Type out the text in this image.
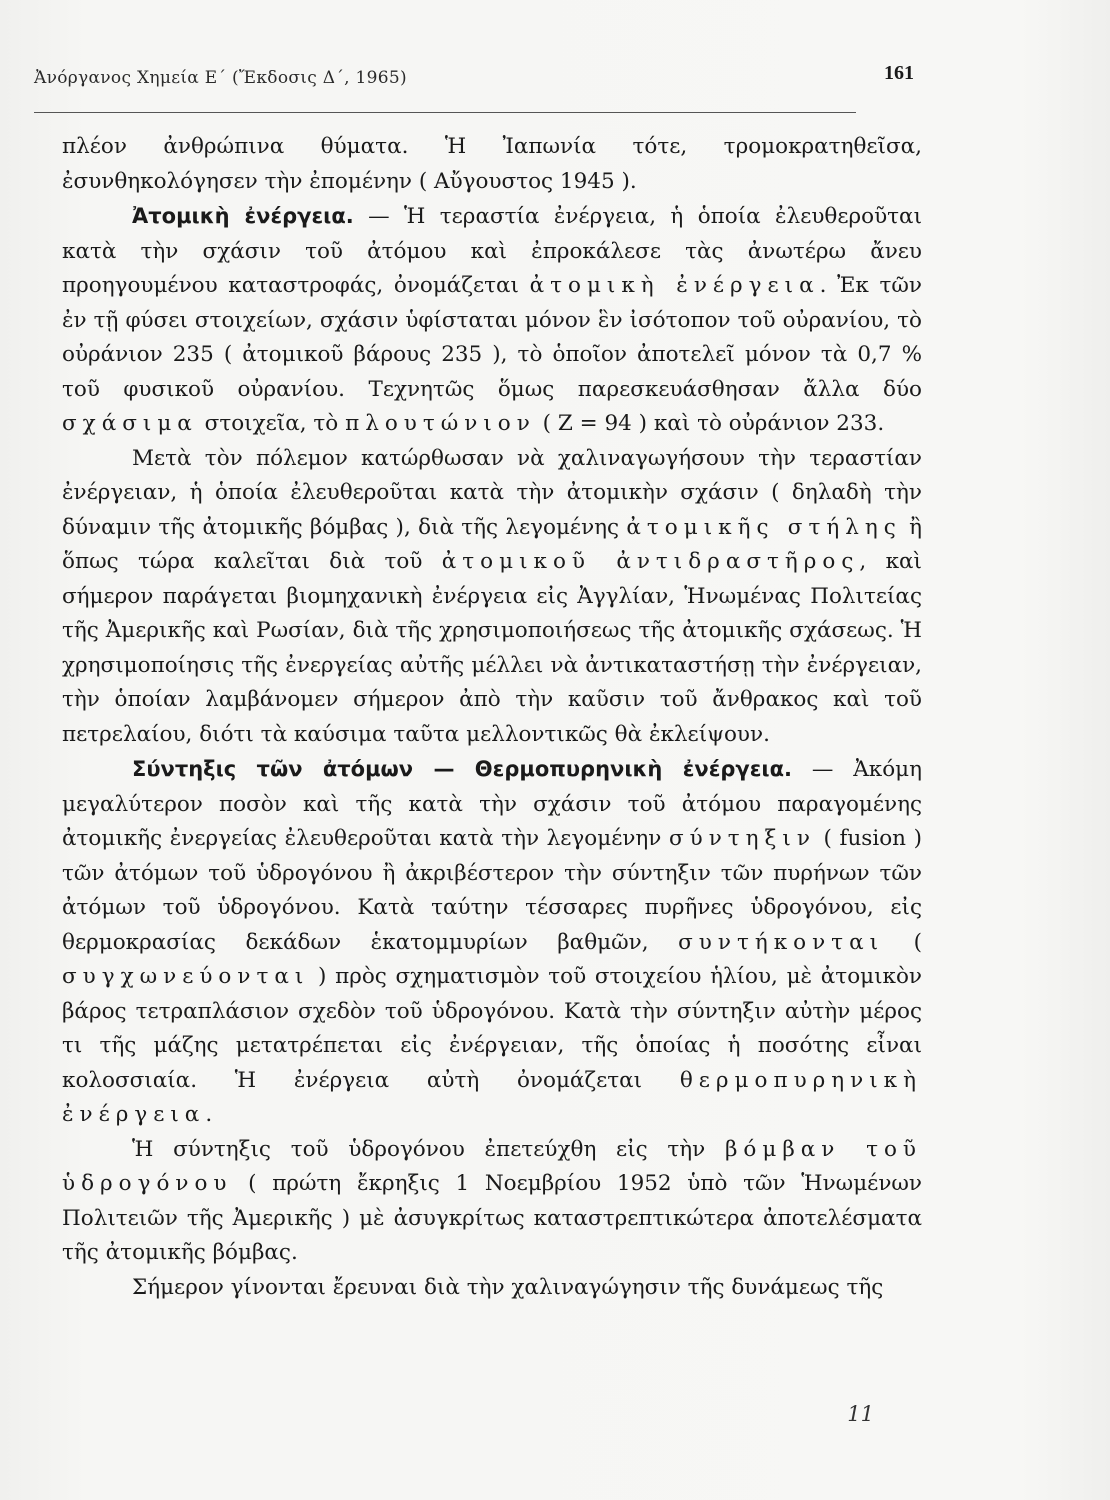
Ἀνόργανος Χημεία Ε΄ (Ἔκδοσις Δ΄, 1965)	161

πλέον ἀνθρώπινα θύματα. Ἡ Ἰαπωνία τότε, τρομοκρατηθεῖσα, ἐσυνθηκολόγησεν τὴν ἐπομένην ( Αὔγουστος 1945 ).

Ἀτομικὴ ἐνέργεια. — Ἡ τεραστία ἐνέργεια, ἡ ὁποία ἐλευθεροῦται κατὰ τὴν σχάσιν τοῦ ἀτόμου καὶ ἐπροκάλεσε τὰς ἀνωτέρω ἄνευ προηγουμένου καταστροφάς, ὀνομάζεται ἀτομικὴ ἐνέργεια. Ἐκ τῶν ἐν τῇ φύσει στοιχείων, σχάσιν ὑφίσταται μόνον ἓν ἰσότοπον τοῦ οὐρανίου, τὸ οὐράνιον 235 ( ἀτομικοῦ βάρους 235 ), τὸ ὁποῖον ἀποτελεῖ μόνον τὰ 0,7 % τοῦ φυσικοῦ οὐρανίου. Τεχνητῶς ὅμως παρεσκευάσθησαν ἄλλα δύο σχάσιμα στοιχεῖα, τὸ πλουτώνιον ( Ζ = 94 ) καὶ τὸ οὐράνιον 233.

Μετὰ τὸν πόλεμον κατώρθωσαν νὰ χαλιναγωγήσουν τὴν τεραστίαν ἐνέργειαν, ἡ ὁποία ἐλευθεροῦται κατὰ τὴν ἀτομικὴν σχάσιν ( δηλαδὴ τὴν δύναμιν τῆς ἀτομικῆς βόμβας ), διὰ τῆς λεγομένης ἀτομικῆς στήλης ἢ ὅπως τώρα καλεῖται διὰ τοῦ ἀτομικοῦ ἀντιδραστῆρος, καὶ σήμερον παράγεται βιομηχανικὴ ἐνέργεια εἰς Ἀγγλίαν, Ἡνωμένας Πολιτείας τῆς Ἀμερικῆς καὶ Ρωσίαν, διὰ τῆς χρησιμοποιήσεως τῆς ἀτομικῆς σχάσεως. Ἡ χρησιμοποίησις τῆς ἐνεργείας αὐτῆς μέλλει νὰ ἀντικαταστήσῃ τὴν ἐνέργειαν, τὴν ὁποίαν λαμβάνομεν σήμερον ἀπὸ τὴν καῦσιν τοῦ ἄνθρακος καὶ τοῦ πετρελαίου, διότι τὰ καύσιμα ταῦτα μελλοντικῶς θὰ ἐκλείψουν.

Σύντηξις τῶν ἀτόμων — Θερμοπυρηνικὴ ἐνέργεια. — Ἀκόμη μεγαλύτερον ποσὸν καὶ τῆς κατὰ τὴν σχάσιν τοῦ ἀτόμου παραγομένης ἀτομικῆς ἐνεργείας ἐλευθεροῦται κατὰ τὴν λεγομένην σύντηξιν ( fusion ) τῶν ἀτόμων τοῦ ὑδρογόνου ἢ ἀκριβέστερον τὴν σύντηξιν τῶν πυρήνων τῶν ἀτόμων τοῦ ὑδρογόνου. Κατὰ ταύτην τέσσαρες πυρῆνες ὑδρογόνου, εἰς θερμοκρασίας δεκάδων ἑκατομμυρίων βαθμῶν, συντήκονται ( συγχωνεύονται ) πρὸς σχηματισμὸν τοῦ στοιχείου ἡλίου, μὲ ἀτομικὸν βάρος τετραπλάσιον σχεδὸν τοῦ ὑδρογόνου. Κατὰ τὴν σύντηξιν αὐτὴν μέρος τι τῆς μάζης μετατρέπεται εἰς ἐνέργειαν, τῆς ὁποίας ἡ ποσότης εἶναι κολοσσιαία. Ἡ ἐνέργεια αὐτὴ ὀνομάζεται θερμοπυρηνικὴ ἐνέργεια.

Ἡ σύντηξις τοῦ ὑδρογόνου ἐπετεύχθη εἰς τὴν βόμβαν τοῦ ὑδρογόνου ( πρώτη ἔκρηξις 1 Νοεμβρίου 1952 ὑπὸ τῶν Ἡνωμένων Πολιτειῶν τῆς Ἀμερικῆς ) μὲ ἀσυγκρίτως καταστρεπτικώτερα ἀποτελέσματα τῆς ἀτομικῆς βόμβας.

Σήμερον γίνονται ἔρευναι διὰ τὴν χαλιναγώγησιν τῆς δυνάμεως τῆς

11
